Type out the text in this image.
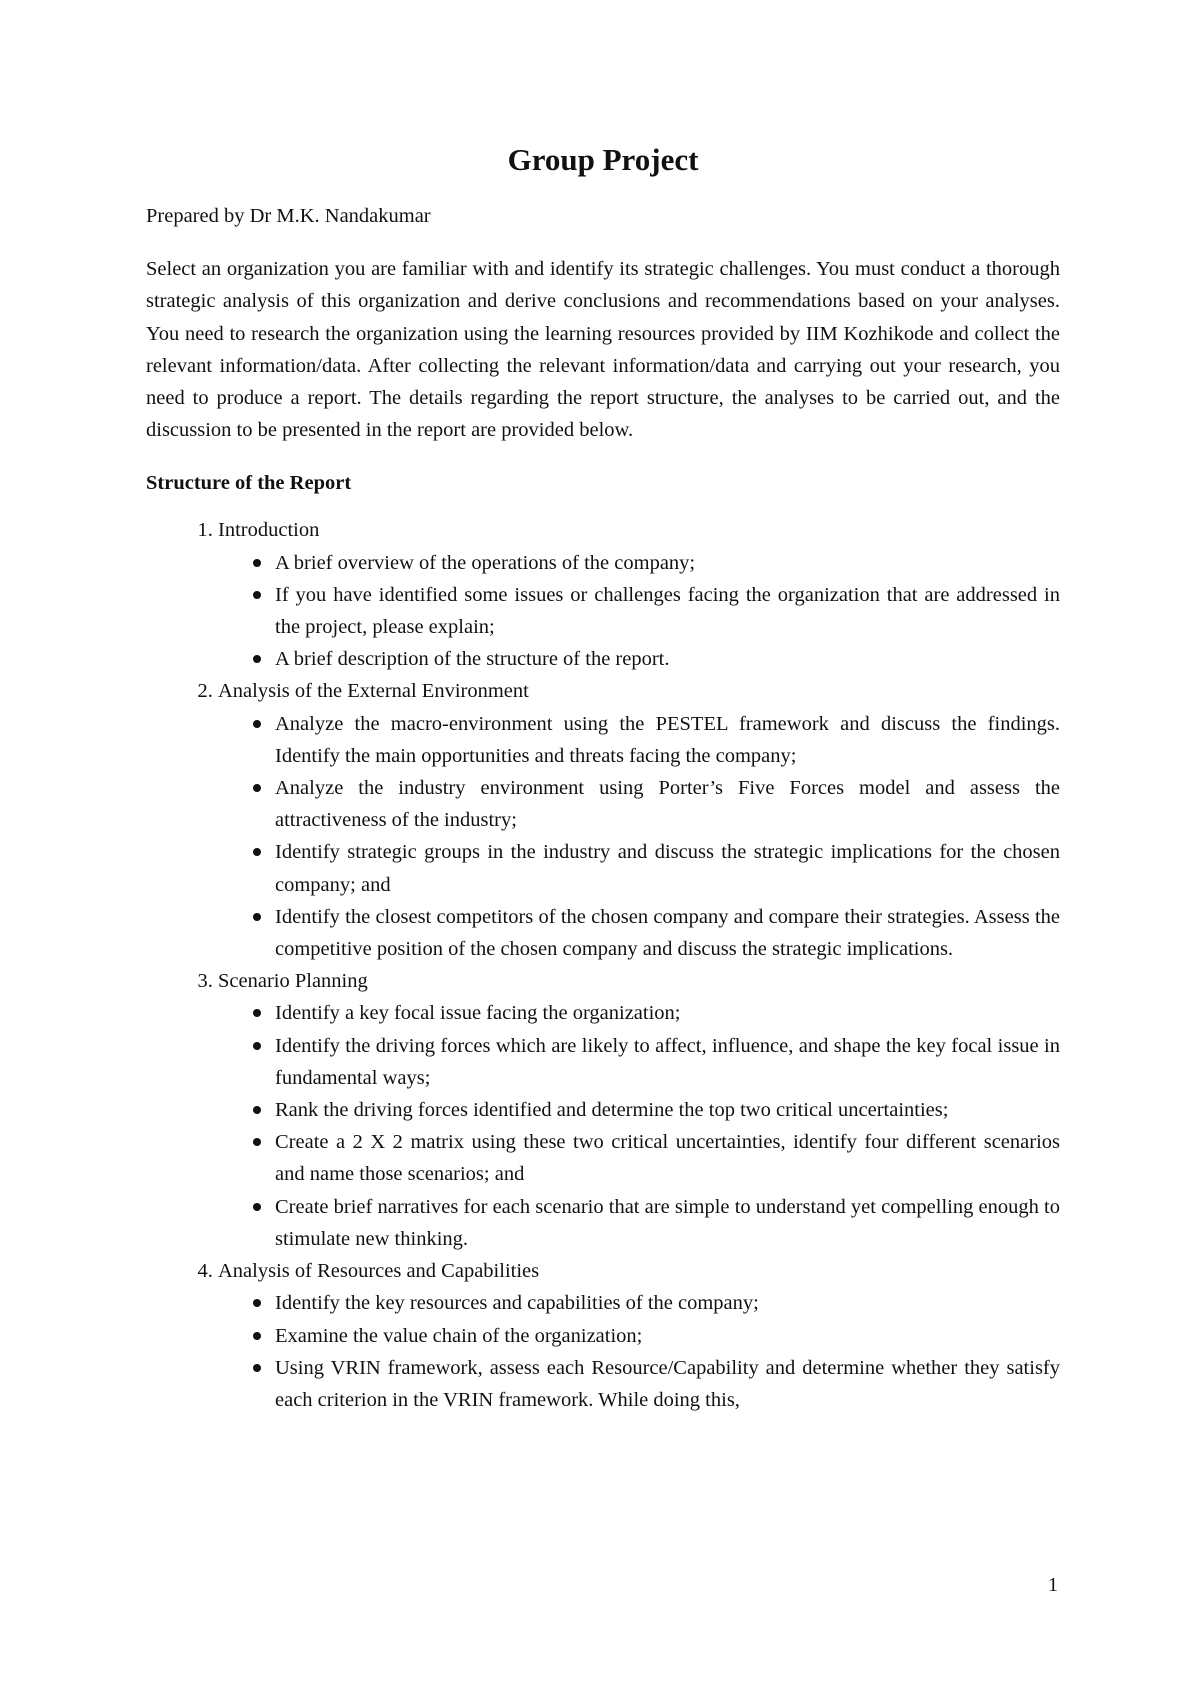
Group Project
Prepared by Dr M.K. Nandakumar
Select an organization you are familiar with and identify its strategic challenges. You must conduct a thorough strategic analysis of this organization and derive conclusions and recommendations based on your analyses. You need to research the organization using the learning resources provided by IIM Kozhikode and collect the relevant information/data. After collecting the relevant information/data and carrying out your research, you need to produce a report. The details regarding the report structure, the analyses to be carried out, and the discussion to be presented in the report are provided below.
Structure of the Report
1. Introduction
A brief overview of the operations of the company;
If you have identified some issues or challenges facing the organization that are addressed in the project, please explain;
A brief description of the structure of the report.
2. Analysis of the External Environment
Analyze the macro-environment using the PESTEL framework and discuss the findings. Identify the main opportunities and threats facing the company;
Analyze the industry environment using Porter’s Five Forces model and assess the attractiveness of the industry;
Identify strategic groups in the industry and discuss the strategic implications for the chosen company; and
Identify the closest competitors of the chosen company and compare their strategies. Assess the competitive position of the chosen company and discuss the strategic implications.
3. Scenario Planning
Identify a key focal issue facing the organization;
Identify the driving forces which are likely to affect, influence, and shape the key focal issue in fundamental ways;
Rank the driving forces identified and determine the top two critical uncertainties;
Create a 2 X 2 matrix using these two critical uncertainties, identify four different scenarios and name those scenarios; and
Create brief narratives for each scenario that are simple to understand yet compelling enough to stimulate new thinking.
4. Analysis of Resources and Capabilities
Identify the key resources and capabilities of the company;
Examine the value chain of the organization;
Using VRIN framework, assess each Resource/Capability and determine whether they satisfy each criterion in the VRIN framework. While doing this,
1
